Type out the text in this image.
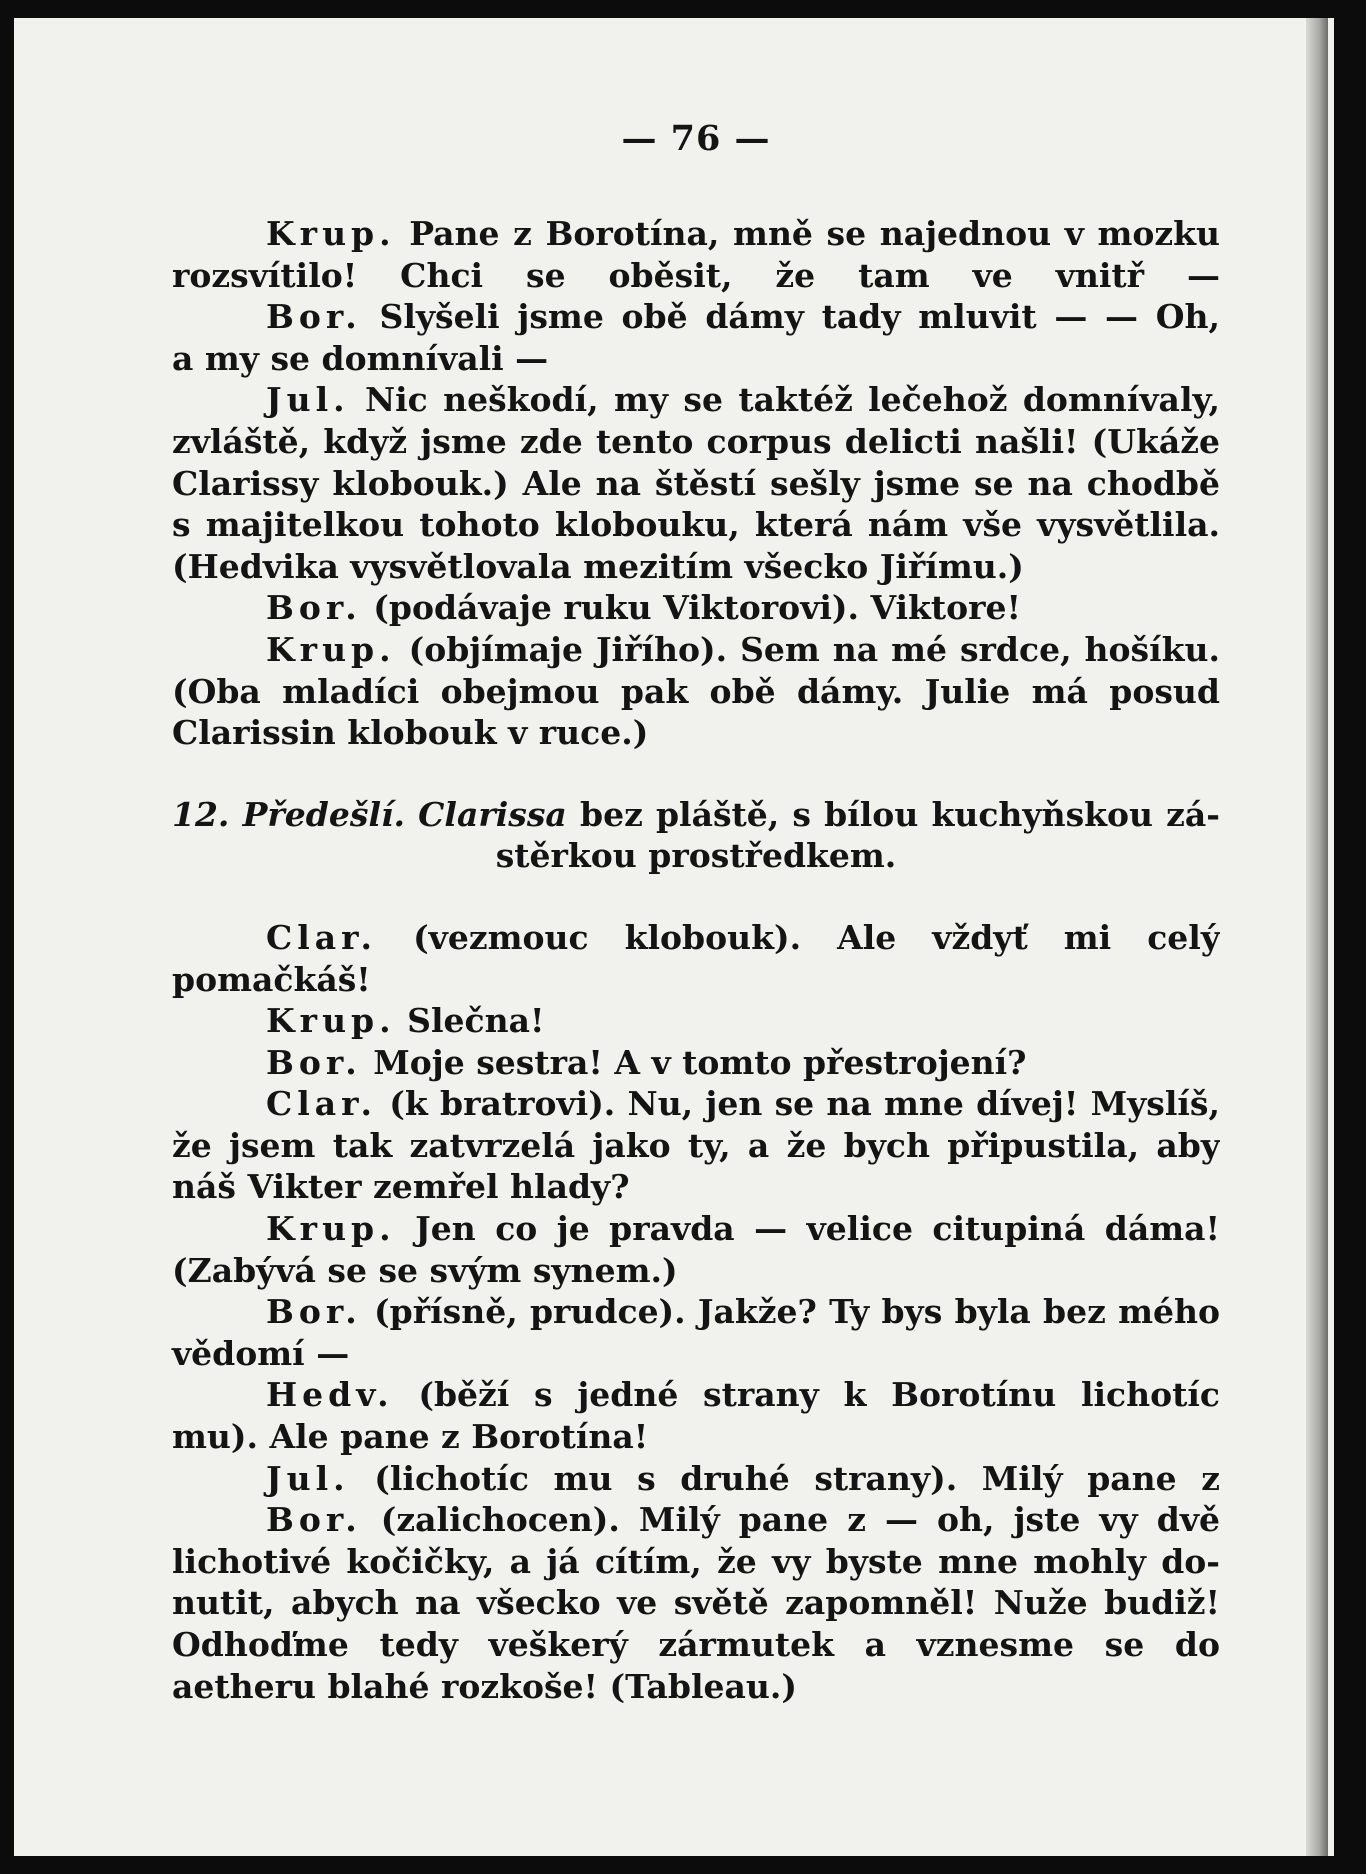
— 76 —
Krup. Pane z Borotína, mně se najednou v mozku
rozsvítilo! Chci se oběsit, že tam ve vnitř —
Bor. Slyšeli jsme obě dámy tady mluvit — — Oh,
a my se domnívali —
Jul. Nic neškodí, my se taktéž lečehož domnívaly,
zvláště, když jsme zde tento corpus delicti našli! (Ukáže
Clarissy klobouk.) Ale na štěstí sešly jsme se na chodbě
s majitelkou tohoto klobouku, která nám vše vysvětlila.
(Hedvika vysvětlovala mezitím všecko Jiřímu.)
Bor. (podávaje ruku Viktorovi). Viktore!
Krup. (objímaje Jiřího). Sem na mé srdce, hošíku.
(Oba mladíci obejmou pak obě dámy. Julie má posud
Clarissin klobouk v ruce.)
12. Předešlí. Clarissa bez pláště, s bílou kuchyňskou zá-
stěrkou prostředkem.
Clar. (vezmouc klobouk). Ale vždyť mi celý
pomačkáš!
Krup. Slečna!
Bor. Moje sestra! A v tomto přestrojení?
Clar. (k bratrovi). Nu, jen se na mne dívej! Myslíš,
že jsem tak zatvrzelá jako ty, a že bych připustila, aby
náš Vikter zemřel hlady?
Krup. Jen co je pravda — velice citupiná dáma!
(Zabývá se se svým synem.)
Bor. (přísně, prudce). Jakže? Ty bys byla bez mého
vědomí —
Hedv. (běží s jedné strany k Borotínu lichotíc
mu). Ale pane z Borotína!
Jul. (lichotíc mu s druhé strany). Milý pane z
Bor. (zalichocen). Milý pane z — oh, jste vy dvě
lichotivé kočičky, a já cítím, že vy byste mne mohly do-
nutit, abych na všecko ve světě zapomněl! Nuže budiž!
Odhoďme tedy veškerý zármutek a vznesme se do
aetheru blahé rozkoše! (Tableau.)
